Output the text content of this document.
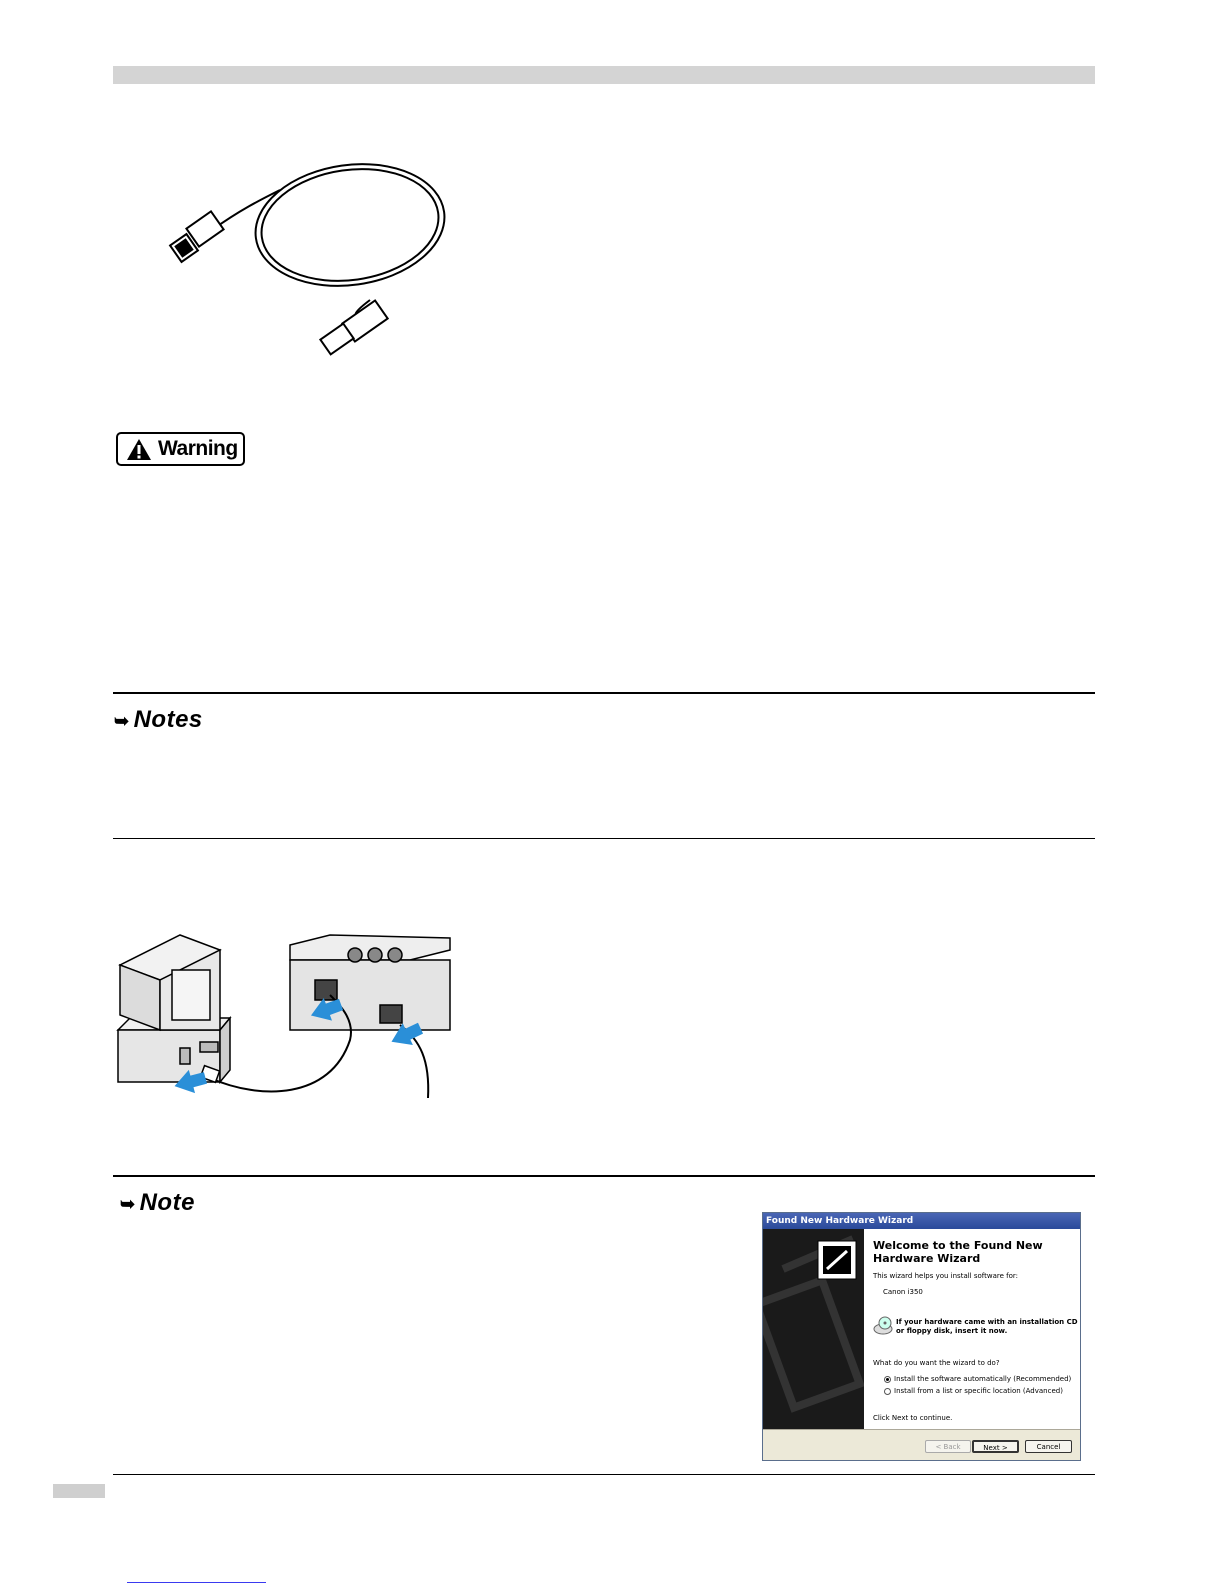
Warning
➥ Notes
➥ Note
Found New Hardware Wizard
Welcome to the Found New
Hardware Wizard
This wizard helps you install software for:
Canon i350
If your hardware came with an installation CD
or floppy disk, insert it now.
What do you want the wizard to do?
Install the software automatically (Recommended)
Install from a list or specific location (Advanced)
Click Next to continue.
< Back	Next >	Cancel
